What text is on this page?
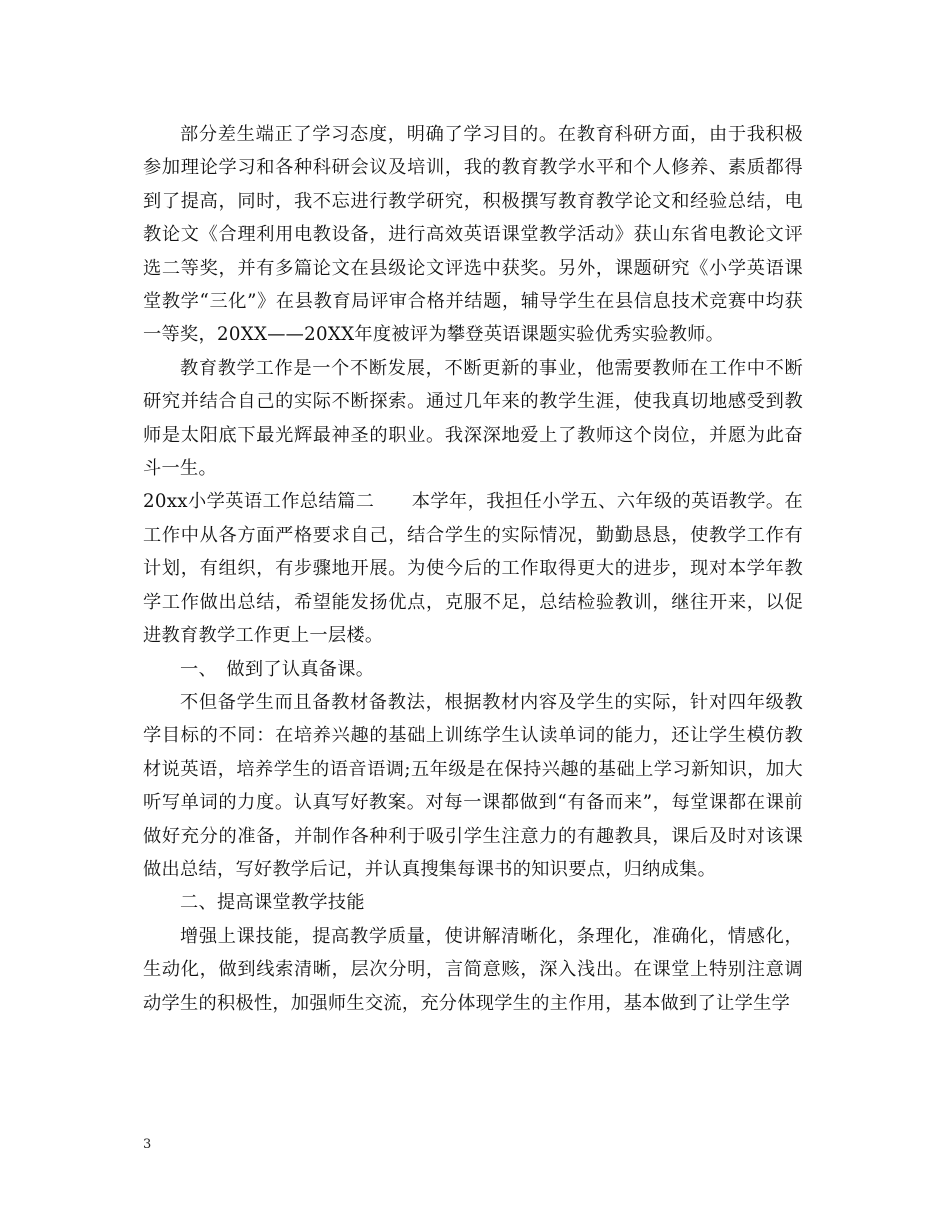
部分差生端正了学习态度，明确了学习目的。在教育科研方面，由于我积极参加理论学习和各种科研会议及培训，我的教育教学水平和个人修养、素质都得到了提高，同时，我不忘进行教学研究，积极撰写教育教学论文和经验总结，电教论文《合理利用电教设备，进行高效英语课堂教学活动》获山东省电教论文评选二等奖，并有多篇论文在县级论文评选中获奖。另外，课题研究《小学英语课堂教学“三化”》在县教育局评审合格并结题，辅导学生在县信息技术竞赛中均获一等奖，20XX——20XX年度被评为攀登英语课题实验优秀实验教师。

教育教学工作是一个不断发展，不断更新的事业，他需要教师在工作中不断研究并结合自己的实际不断探索。通过几年来的教学生涯，使我真切地感受到教师是太阳底下最光辉最神圣的职业。我深深地爱上了教师这个岗位，并愿为此奋斗一生。

20xx小学英语工作总结篇二　　本学年，我担任小学五、六年级的英语教学。在工作中从各方面严格要求自己，结合学生的实际情况，勤勤恳恳，使教学工作有计划，有组织，有步骤地开展。为使今后的工作取得更大的进步，现对本学年教学工作做出总结，希望能发扬优点，克服不足，总结检验教训，继往开来，以促进教育教学工作更上一层楼。

一、　做到了认真备课。

不但备学生而且备教材备教法，根据教材内容及学生的实际，针对四年级教学目标的不同：在培养兴趣的基础上训练学生认读单词的能力，还让学生模仿教材说英语，培养学生的语音语调;五年级是在保持兴趣的基础上学习新知识，加大听写单词的力度。认真写好教案。对每一课都做到“有备而来”，每堂课都在课前做好充分的准备，并制作各种利于吸引学生注意力的有趣教具，课后及时对该课做出总结，写好教学后记，并认真搜集每课书的知识要点，归纳成集。

二、提高课堂教学技能

增强上课技能，提高教学质量，使讲解清晰化，条理化，准确化，情感化，生动化，做到线索清晰，层次分明，言简意赅，深入浅出。在课堂上特别注意调动学生的积极性，加强师生交流，充分体现学生的主作用，基本做到了让学生学

3
